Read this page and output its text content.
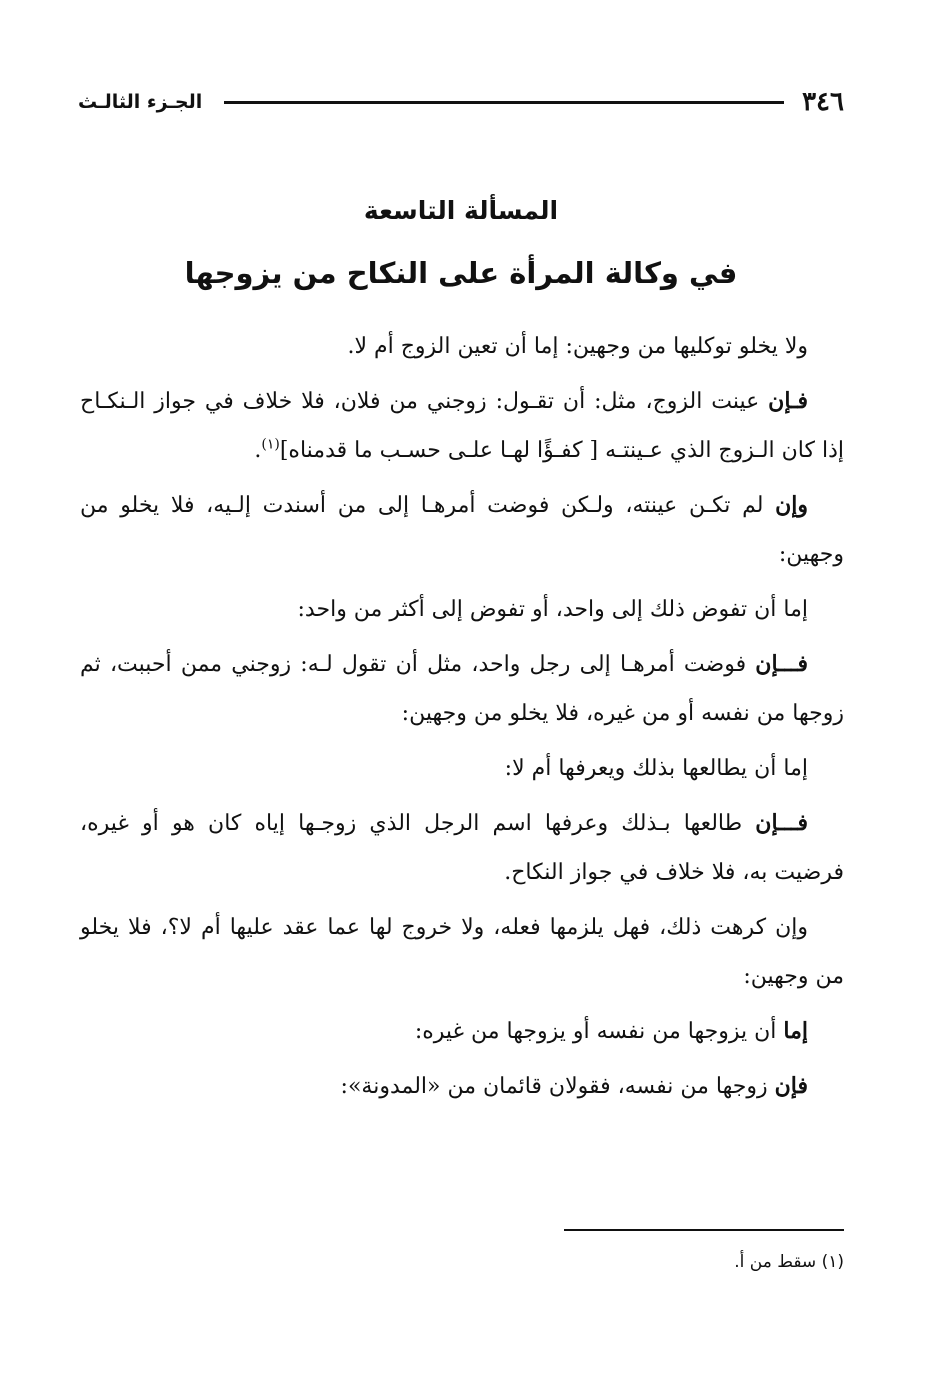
٣٤٦
الجـزء الثالـث
المسألة التاسعة
في وكالة المرأة على النكاح من يزوجها

ولا يخلو توكليها من وجهين: إما أن تعين الزوج أم لا.

فـإن عينت الزوج، مثل: أن تقـول: زوجني من فلان، فلا خلاف في جواز الـنكـاح إذا كان الـزوج الذي عـينتـه [ كفـؤًا لهـا علـى حسـب ما قدمناه]$^{(١)}$.

وإن لم تكـن عينته، ولـكن فوضت أمرهـا إلى من أسندت إلـيه، فلا يخلو من وجهين:

إما أن تفوض ذلك إلى واحد، أو تفوض إلى أكثر من واحد:

فـــإن فوضت أمرهـا إلى رجل واحد، مثل أن تقول لـه: زوجني ممن أحببت، ثم زوجها من نفسه أو من غيره، فلا يخلو من وجهين:

إما أن يطالعها بذلك ويعرفها أم لا:

فـــإن طالعها بـذلك وعرفها اسم الرجل الذي زوجـها إياه كان هو أو غيره، فرضيت به، فلا خلاف في جواز النكاح.

وإن كرهت ذلك، فهل يلزمها فعله، ولا خروج لها عما عقد عليها أم لا؟، فلا يخلو من وجهين:

إما أن يزوجها من نفسه أو يزوجها من غيره:

فإن زوجها من نفسه، فقولان قائمان من «المدونة»:

(١) سقط من أ.
